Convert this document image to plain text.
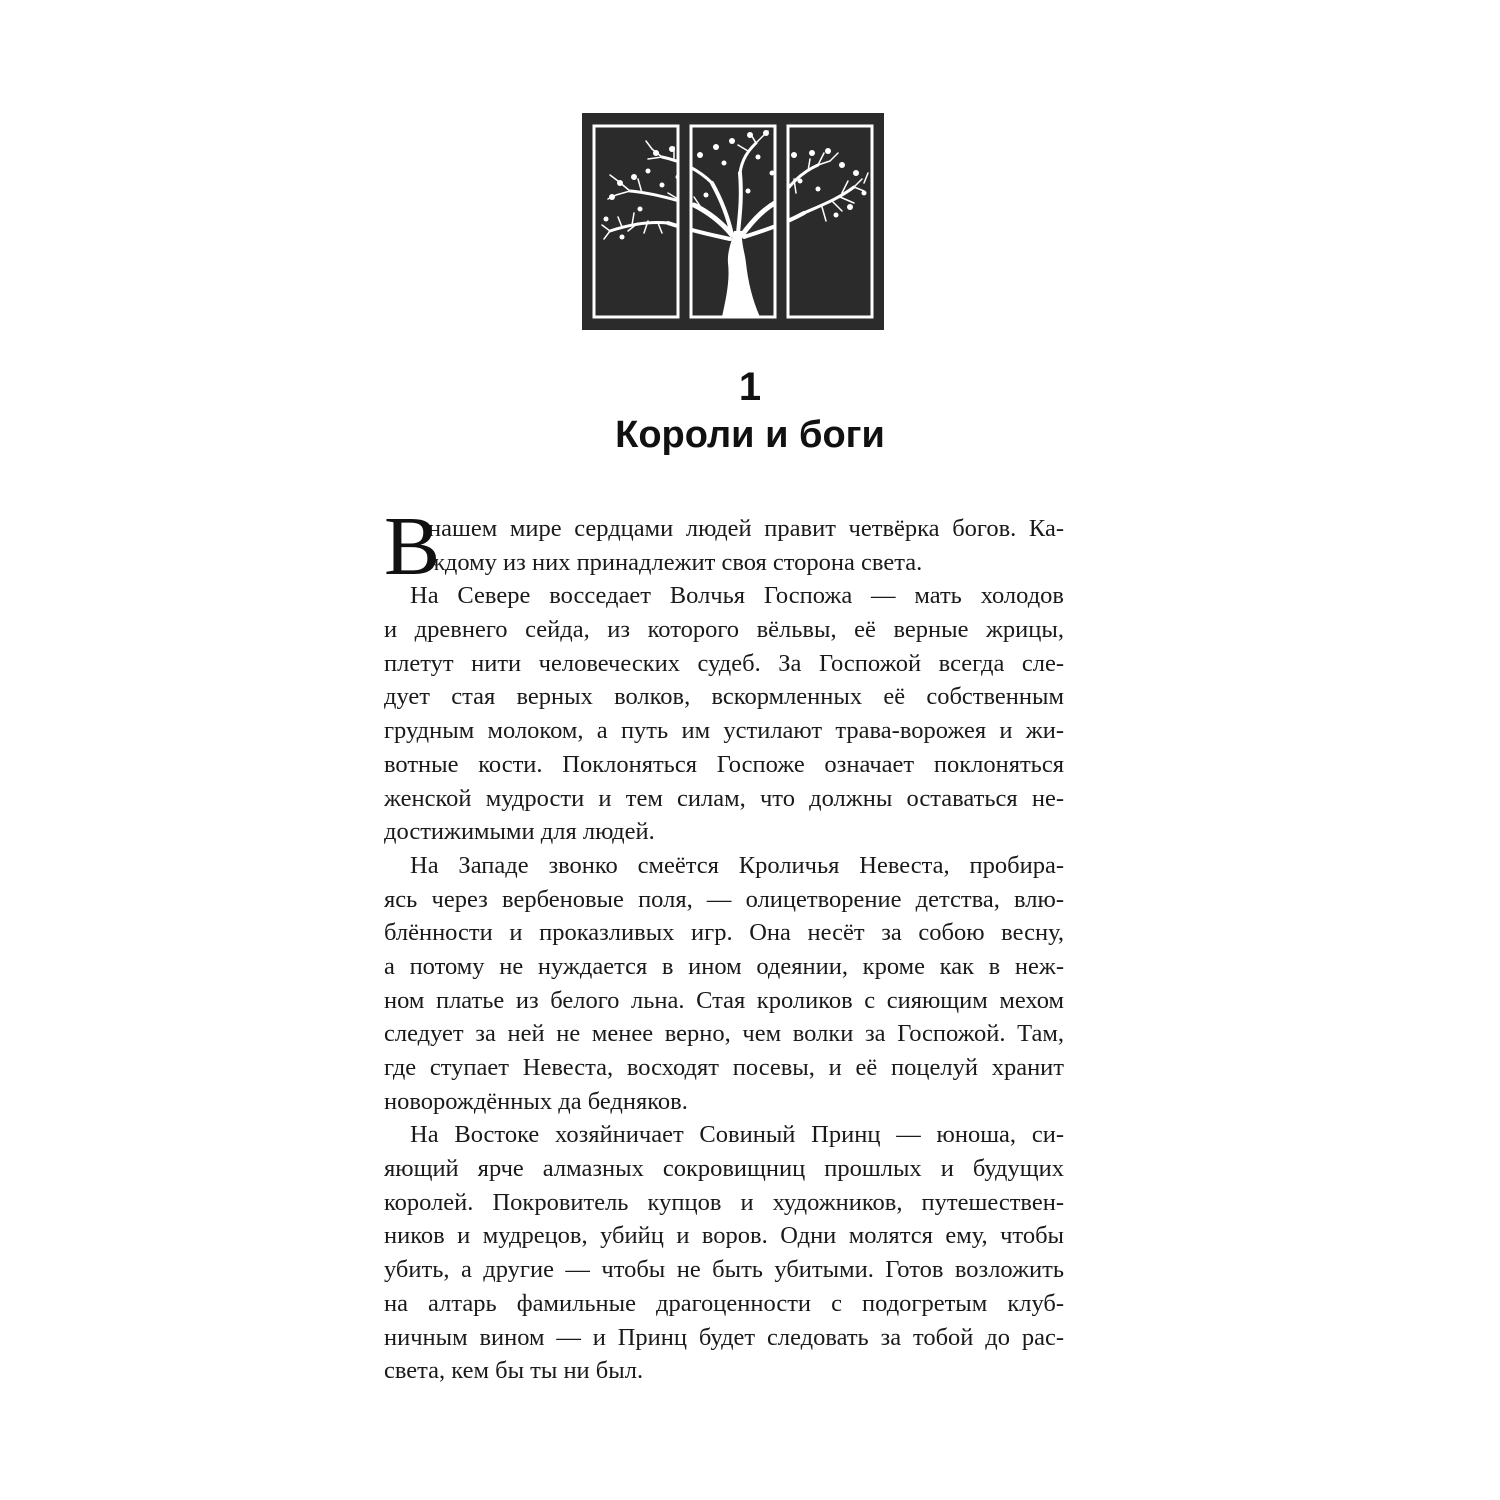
1
Короли и боги
В
нашем мире сердцами людей правит четвёрка богов. Ка-
ждому из них принадлежит своя сторона света.
На Севере восседает Волчья Госпожа — мать холодов
и древнего сейда, из которого вёльвы, её верные жрицы,
плетут нити человеческих судеб. За Госпожой всегда сле-
дует стая верных волков, вскормленных её собственным
грудным молоком, а путь им устилают трава-ворожея и жи-
вотные кости. Поклоняться Госпоже означает поклоняться
женской мудрости и тем силам, что должны оставаться не-
достижимыми для людей.
На Западе звонко смеётся Кроличья Невеста, пробира-
ясь через вербеновые поля, — олицетворение детства, влю-
блённости и проказливых игр. Она несёт за собою весну,
а потому не нуждается в ином одеянии, кроме как в неж-
ном платье из белого льна. Стая кроликов с сияющим мехом
следует за ней не менее верно, чем волки за Госпожой. Там,
где ступает Невеста, восходят посевы, и её поцелуй хранит
новорождённых да бедняков.
На Востоке хозяйничает Совиный Принц — юноша, си-
яющий ярче алмазных сокровищниц прошлых и будущих
королей. Покровитель купцов и художников, путешествен-
ников и мудрецов, убийц и воров. Одни молятся ему, чтобы
убить, а другие — чтобы не быть убитыми. Готов возложить
на алтарь фамильные драгоценности с подогретым клуб-
ничным вином — и Принц будет следовать за тобой до рас-
света, кем бы ты ни был.
